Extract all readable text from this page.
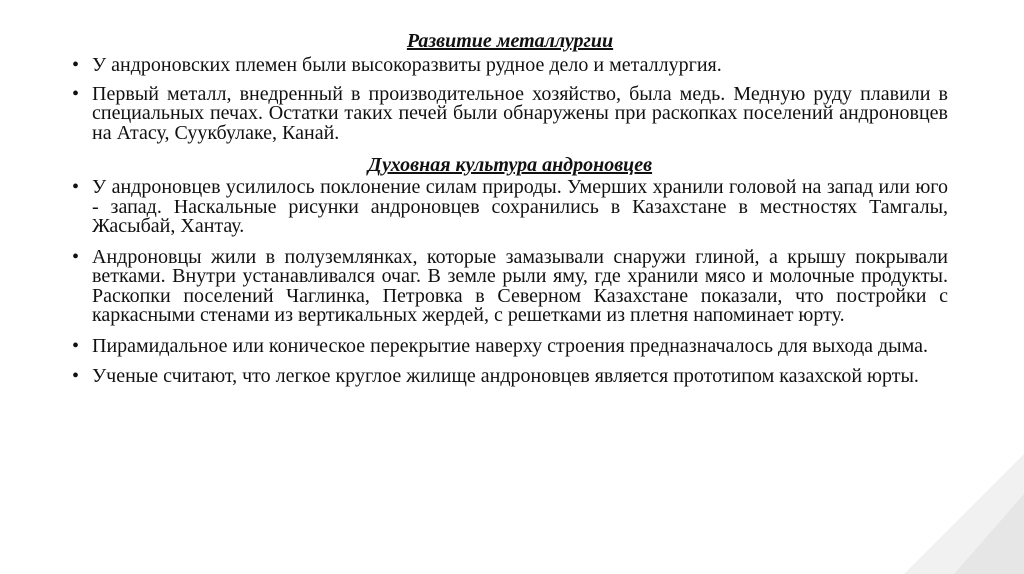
Развитие металлургии
• У андроновских племен были высокоразвиты рудное дело и металлургия.
• Первый металл, внедренный в производительное хозяйство, была медь. Медную руду плавили в специальных печах. Остатки таких печей были обнаружены при раскопках поселений андроновцев на Атасу, Суукбулаке, Канай.
Духовная культура андроновцев
• У андроновцев усилилось поклонение силам природы. Умерших хранили головой на запад или юго - запад. Наскальные рисунки андроновцев сохранились в Казахстане в местностях Тамгалы, Жасыбай, Хантау.
• Андроновцы жили в полуземлянках, которые замазывали снаружи глиной, а крышу покрывали ветками. Внутри устанавливался очаг. В земле рыли яму, где хранили мясо и молочные продукты. Раскопки поселений Чаглинка, Петровка в Северном Казахстане показали, что постройки с каркасными стенами из вертикальных жердей, с решетками из плетня напоминает юрту.
• Пирамидальное или коническое перекрытие наверху строения предназначалось для выхода дыма.
• Ученые считают, что легкое круглое жилище андроновцев является прототипом казахской юрты.
